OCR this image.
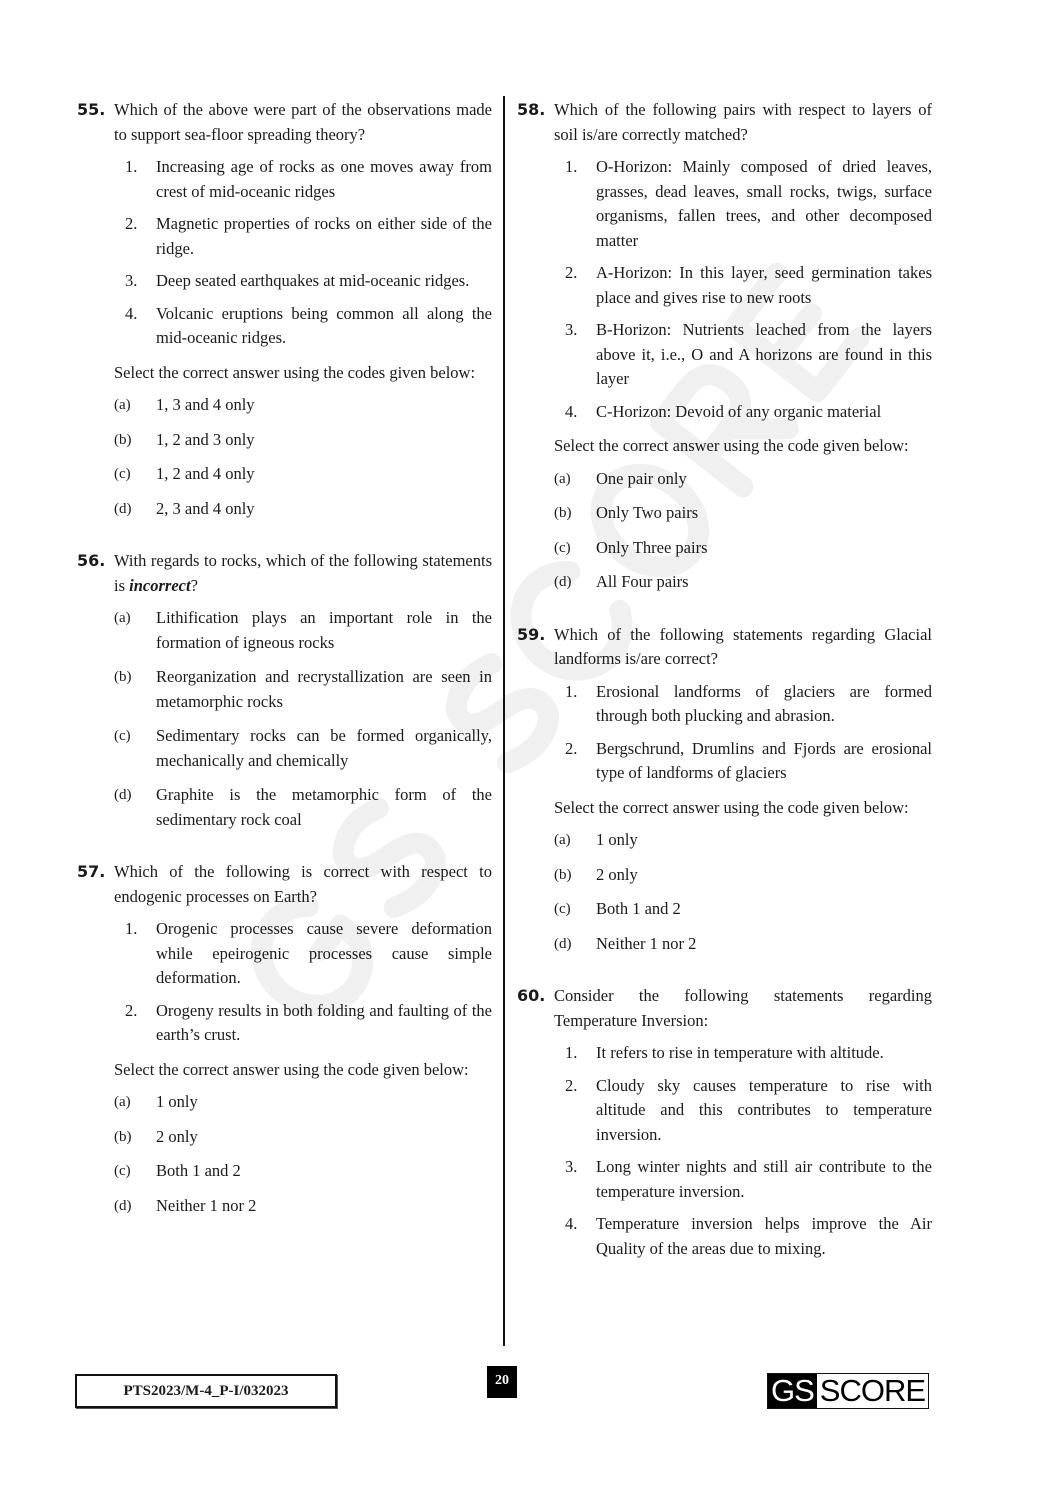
55. Which of the above were part of the observations made to support sea-floor spreading theory?
1. Increasing age of rocks as one moves away from crest of mid-oceanic ridges
2. Magnetic properties of rocks on either side of the ridge.
3. Deep seated earthquakes at mid-oceanic ridges.
4. Volcanic eruptions being common all along the mid-oceanic ridges.
Select the correct answer using the codes given below:
(a) 1, 3 and 4 only
(b) 1, 2 and 3 only
(c) 1, 2 and 4 only
(d) 2, 3 and 4 only
56. With regards to rocks, which of the following statements is incorrect?
(a) Lithification plays an important role in the formation of igneous rocks
(b) Reorganization and recrystallization are seen in metamorphic rocks
(c) Sedimentary rocks can be formed organically, mechanically and chemically
(d) Graphite is the metamorphic form of the sedimentary rock coal
57. Which of the following is correct with respect to endogenic processes on Earth?
1. Orogenic processes cause severe deformation while epeirogenic processes cause simple deformation.
2. Orogeny results in both folding and faulting of the earth’s crust.
Select the correct answer using the code given below:
(a) 1 only
(b) 2 only
(c) Both 1 and 2
(d) Neither 1 nor 2
58. Which of the following pairs with respect to layers of soil is/are correctly matched?
1. O-Horizon: Mainly composed of dried leaves, grasses, dead leaves, small rocks, twigs, surface organisms, fallen trees, and other decomposed matter
2. A-Horizon: In this layer, seed germination takes place and gives rise to new roots
3. B-Horizon: Nutrients leached from the layers above it, i.e., O and A horizons are found in this layer
4. C-Horizon: Devoid of any organic material
Select the correct answer using the code given below:
(a) One pair only
(b) Only Two pairs
(c) Only Three pairs
(d) All Four pairs
59. Which of the following statements regarding Glacial landforms is/are correct?
1. Erosional landforms of glaciers are formed through both plucking and abrasion.
2. Bergschrund, Drumlins and Fjords are erosional type of landforms of glaciers
Select the correct answer using the code given below:
(a) 1 only
(b) 2 only
(c) Both 1 and 2
(d) Neither 1 nor 2
60. Consider the following statements regarding Temperature Inversion:
1. It refers to rise in temperature with altitude.
2. Cloudy sky causes temperature to rise with altitude and this contributes to temperature inversion.
3. Long winter nights and still air contribute to the temperature inversion.
4. Temperature inversion helps improve the Air Quality of the areas due to mixing.
PTS2023/M-4_P-I/032023
20	GS SCORE
